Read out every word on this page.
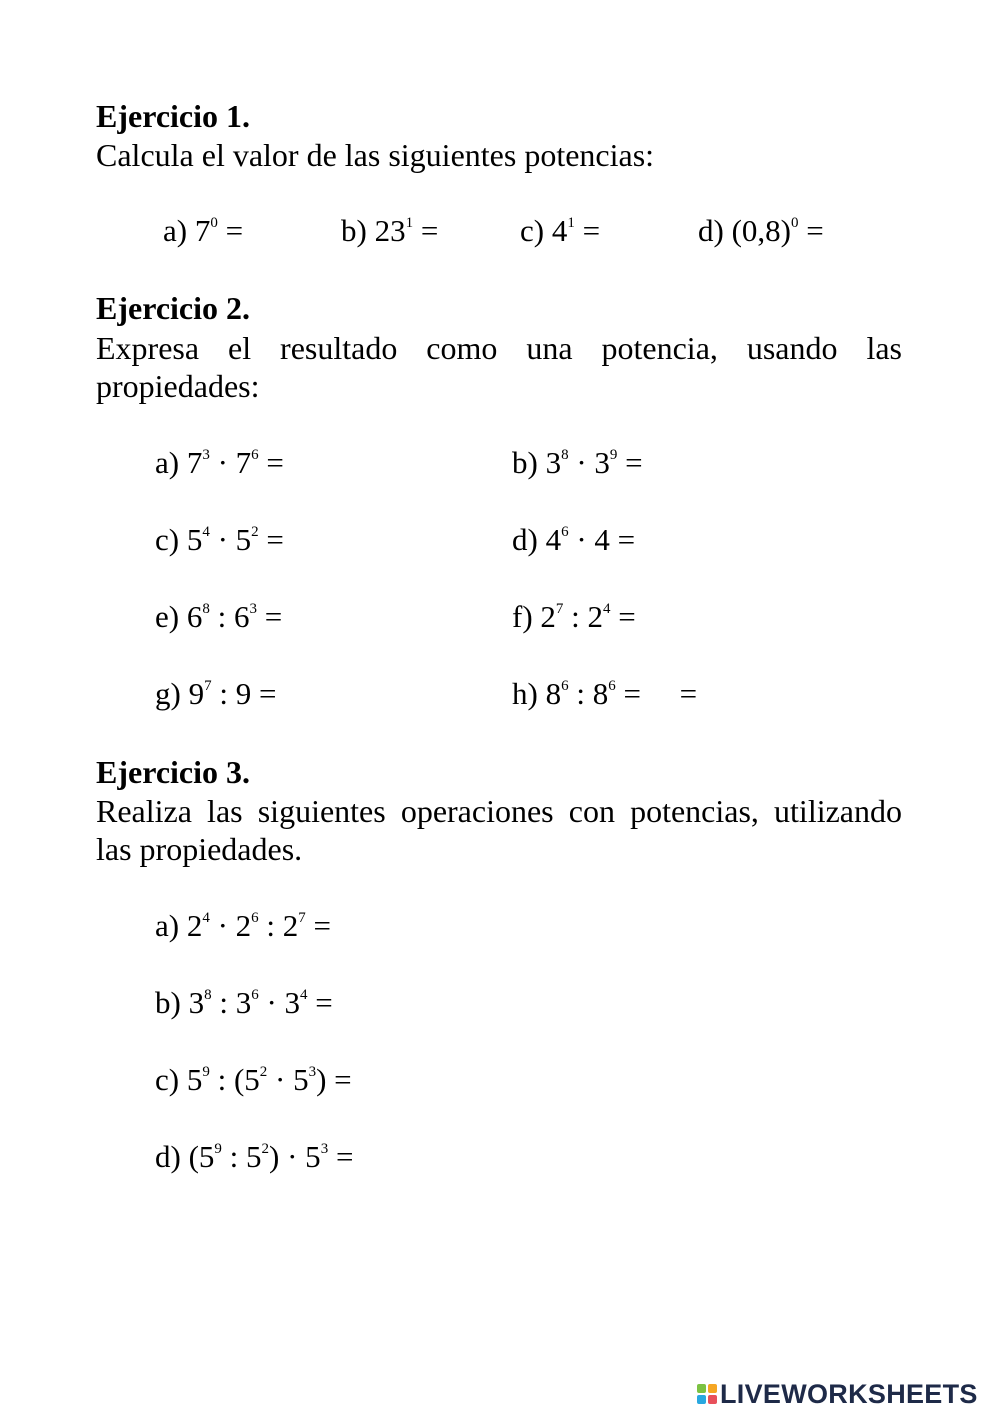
Ejercicio 1.
Calcula el valor de las siguientes potencias:
a) $7^0$ =	b) $23^1$ =	c) $4^1$ =	d) $(0,8)^0$ =
Ejercicio 2.
Expresa el resultado como una potencia, usando las
propiedades:
a) $7^3 \cdot 7^6$ =	b) $3^8 \cdot 3^9$ =
c) $5^4 \cdot 5^2$ =	d) $4^6 \cdot 4$ =
e) $6^8$ : $6^3$ =	f) $2^7$ : $2^4$ =
g) $9^7$ : 9 =	h) $8^6$ : $8^6$ =     =
Ejercicio 3.
Realiza las siguientes operaciones con potencias, utilizando las propiedades.
a) $2^4 \cdot 2^6$ : $2^7$ =
b) $3^8$ : $3^6 \cdot 3^4$ =
c) $5^9$ : $(5^2 \cdot 5^3)$ =
d) ($5^9$ : $5^2) \cdot 5^3$ =
LIVEWORKSHEETS
